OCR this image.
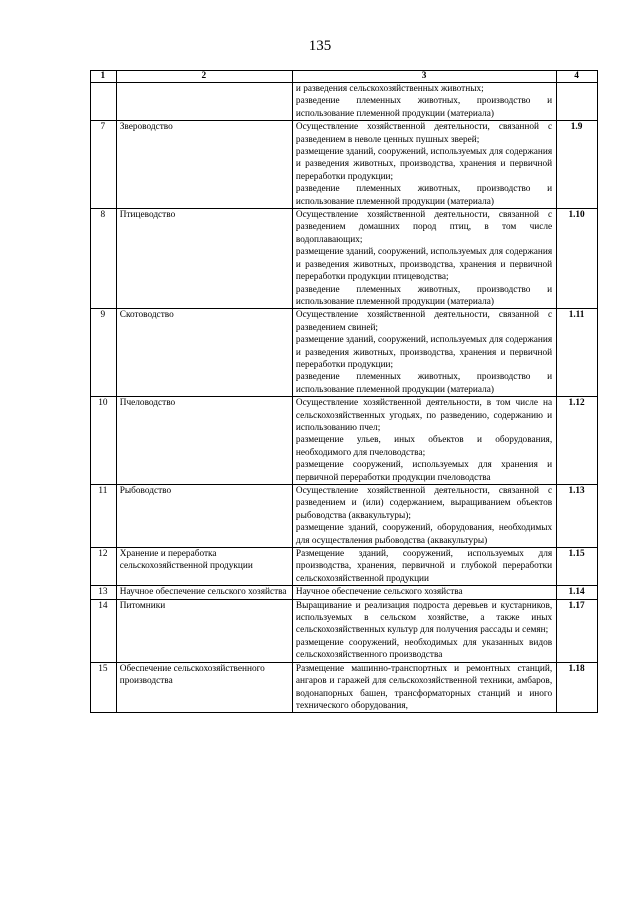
135
1	2	3	4

		и разведения сельскохозяйственных животных;
разведение племенных животных, производство и использование племенной продукции (материала)	

7	Звероводство	Осуществление хозяйственной деятельности, связанной с разведением в неволе ценных пушных зверей;
размещение зданий, сооружений, используемых для содержания и разведения животных, производства, хранения и первичной переработки продукции;
разведение племенных животных, производство и использование племенной продукции (материала)	1.9
8	Птицеводство	Осуществление хозяйственной деятельности, связанной с разведением домашних пород птиц, в том числе водоплавающих;
размещение зданий, сооружений, используемых для содержания и разведения животных, производства, хранения и первичной переработки продукции птицеводства;
разведение племенных животных, производство и использование племенной продукции (материала)	1.10
9	Скотоводство	Осуществление хозяйственной деятельности, связанной с разведением свиней;
размещение зданий, сооружений, используемых для содержания и разведения животных, производства, хранения и первичной переработки продукции;
разведение племенных животных, производство и использование племенной продукции (материала)	1.11
10	Пчеловодство	Осуществление хозяйственной деятельности, в том числе на сельскохозяйственных угодьях, по разведению, содержанию и использованию пчел;
размещение ульев, иных объектов и оборудования, необходимого для пчеловодства;
размещение сооружений, используемых для хранения и первичной переработки продукции пчеловодства	1.12
11	Рыбоводство	Осуществление хозяйственной деятельности, связанной с разведением и (или) содержанием, выращиванием объектов рыбоводства (аквакультуры);
размещение зданий, сооружений, оборудования, необходимых для осуществления рыбоводства (аквакультуры)	1.13
12	Хранение и переработка сельскохозяйственной продукции	Размещение зданий, сооружений, используемых для производства, хранения, первичной и глубокой переработки сельскохозяйственной продукции	1.15
13	Научное обеспечение сельского хозяйства	Научное обеспечение сельского хозяйства	1.14
14	Питомники	Выращивание и реализация подроста деревьев и кустарников, используемых в сельском хозяйстве, а также иных сельскохозяйственных культур для получения рассады и семян;
размещение сооружений, необходимых для указанных видов сельскохозяйственного производства	1.17
15	Обеспечение сельскохозяйственного производства	Размещение машинно-транспортных и ремонтных станций, ангаров и гаражей для сельскохозяйственной техники, амбаров, водонапорных башен, трансформаторных станций и иного технического оборудования,	1.18
